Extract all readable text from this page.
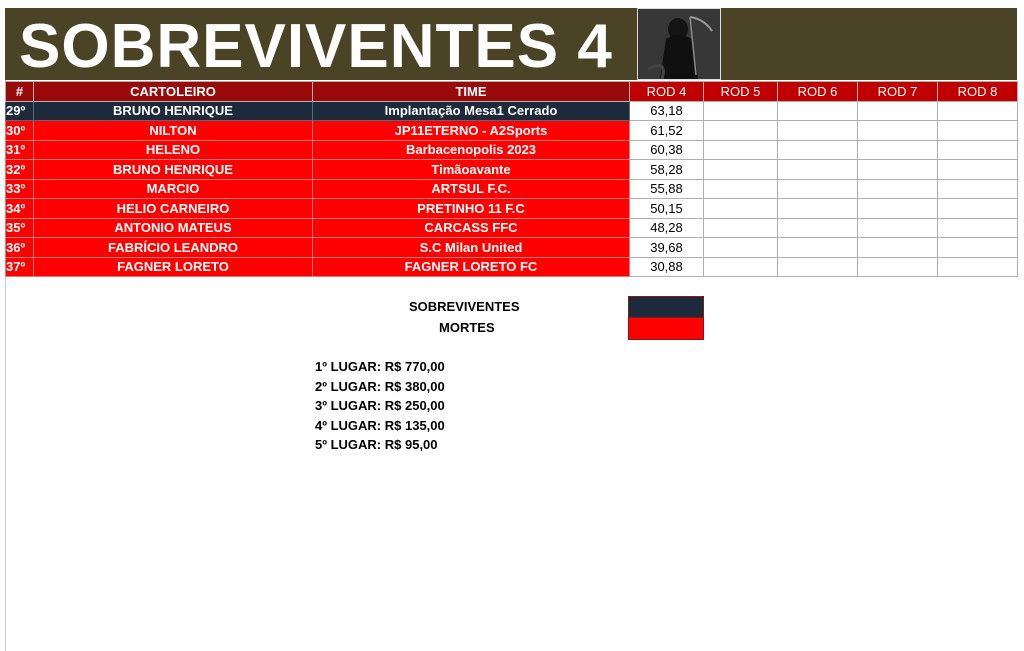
SOBREVIVENTES 4
#	CARTOLEIRO	TIME	ROD 4	ROD 5	ROD 6	ROD 7	ROD 8
29º	BRUNO HENRIQUE	Implantação Mesa1 Cerrado	63,18				
30º	NILTON	JP11ETERNO - A2Sports	61,52				
31º	HELENO	Barbacenopolis 2023	60,38				
32º	BRUNO HENRIQUE	Timãoavante	58,28				
33º	MARCIO	ARTSUL F.C.	55,88				
34º	HELIO CARNEIRO	PRETINHO 11 F.C	50,15				
35º	ANTONIO MATEUS	CARCASS FFC	48,28				
36º	FABRÍCIO LEANDRO	S.C Milan United	39,68				
37º	FAGNER LORETO	FAGNER LORETO FC	30,88				
SOBREVIVENTES
MORTES
1º LUGAR: R$ 770,00
2º LUGAR: R$ 380,00
3º LUGAR: R$ 250,00
4º LUGAR: R$ 135,00
5º LUGAR: R$ 95,00
